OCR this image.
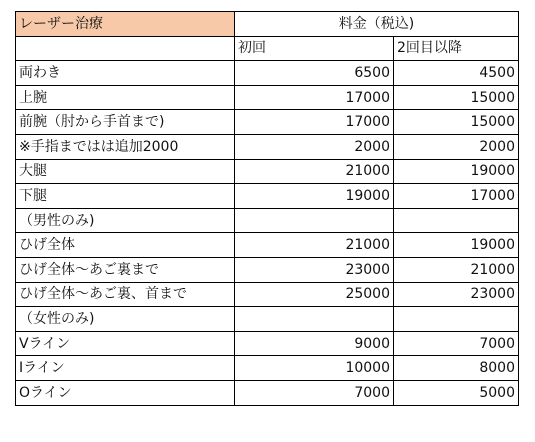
レーザー治療	料金（税込)	
	初回	2回目以降
両わき	6500	4500
上腕	17000	15000
前腕（肘から手首まで)	17000	15000
※手指まではは追加2000	2000	2000
大腿	21000	19000
下腿	19000	17000
（男性のみ)		
ひげ全体	21000	19000
ひげ全体〜あご裏まで	23000	21000
ひげ全体〜あご裏、首まで	25000	23000
（女性のみ)		
Vライン	9000	7000
Iライン	10000	8000
Oライン	7000	5000
